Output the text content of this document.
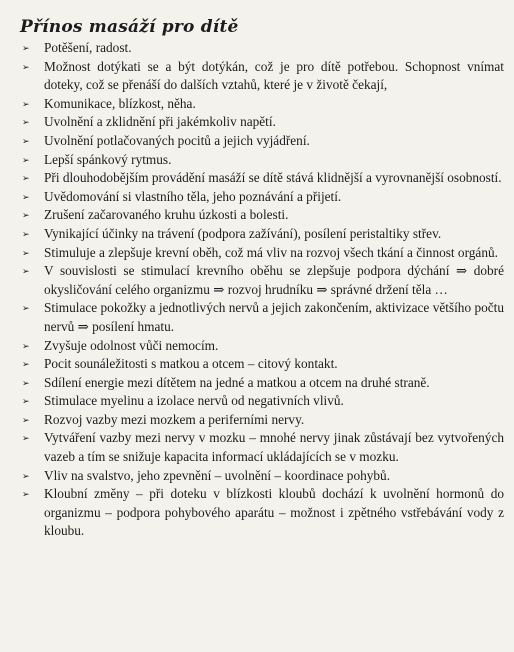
Přínos masáží pro dítě
➢ Potěšení, radost.
➢ Možnost dotýkati se a být dotýkán, což je pro dítě potřebou. Schopnost vnímat doteky, což se přenáší do dalších vztahů, které je v životě čekají,
➢ Komunikace, blízkost, něha.
➢ Uvolnění a zklidnění při jakémkoliv napětí.
➢ Uvolnění potlačovaných pocitů a jejich vyjádření.
➢ Lepší spánkový rytmus.
➢ Při dlouhodobějším provádění masáží se dítě stává klidnější a vyrovnanější osobností.
➢ Uvědomování si vlastního těla, jeho poznávání a přijetí.
➢ Zrušení začarovaného kruhu úzkosti a bolesti.
➢ Vynikající účinky na trávení (podpora zažívání), posílení peristaltiky střev.
➢ Stimuluje a zlepšuje krevní oběh, což má vliv na rozvoj všech tkání a činnost orgánů.
➢ V souvislosti se stimulací krevního oběhu se zlepšuje podpora dýchání ⇒ dobré okysličování celého organizmu ⇒ rozvoj hrudníku ⇒ správné držení těla …
➢ Stimulace pokožky a jednotlivých nervů a jejich zakončením, aktivizace většího počtu nervů ⇒ posílení hmatu.
➢ Zvyšuje odolnost vůči nemocím.
➢ Pocit sounáležitosti s matkou a otcem – citový kontakt.
➢ Sdílení energie mezi dítětem na jedné a matkou a otcem na druhé straně.
➢ Stimulace myelinu a izolace nervů od negativních vlivů.
➢ Rozvoj vazby mezi mozkem a periferními nervy.
➢ Vytváření vazby mezi nervy v mozku – mnohé nervy jinak zůstávají bez vytvořených vazeb a tím se snižuje kapacita informací ukládajících se v mozku.
➢ Vliv na svalstvo, jeho zpevnění – uvolnění – koordinace pohybů.
➢ Kloubní změny – při doteku v blízkosti kloubů dochází k uvolnění hormonů do organizmu – podpora pohybového aparátu – možnost i zpětného vstřebávání vody z kloubu.
